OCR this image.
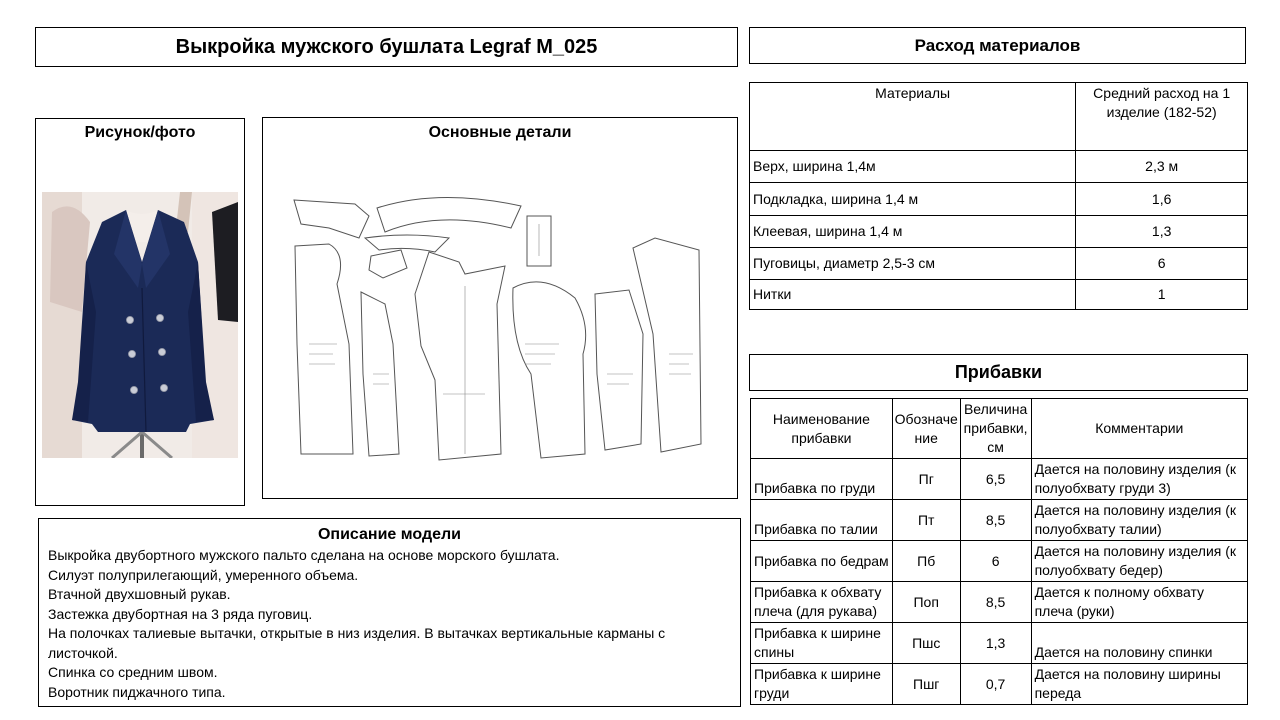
Выкройка мужского бушлата Legraf M_025	Расход материалов
Рисунок/фото	Основные детали
Материалы	Средний расход на 1 изделие (182-52)
Верх, ширина 1,4м	2,3 м
Подкладка, ширина 1,4 м	1,6
Клеевая, ширина 1,4 м	1,3
Пуговицы, диаметр 2,5-3 см	6
Нитки	1
Прибавки
Наименование прибавки	Обозначение	Величина прибавки, см	Комментарии
Прибавка по груди	Пг	6,5	Дается на половину изделия (к полуобхвату груди 3)
Прибавка по талии	Пт	8,5	Дается на половину изделия (к полуобхвату талии)
Прибавка по бедрам	Пб	6	Дается на половину изделия (к полуобхвату бедер)
Прибавка к обхвату плеча (для рукава)	Поп	8,5	Дается к полному обхвату плеча (руки)
Прибавка к ширине спины	Пшс	1,3	Дается на половину спинки
Прибавка к ширине груди	Пшг	0,7	Дается на половину ширины переда
Описание модели
Выкройка двубортного мужского пальто сделана на основе морского бушлата.
Силуэт полуприлегающий, умеренного объема.
Втачной двухшовный рукав.
Застежка двубортная на 3 ряда пуговиц.
На полочках талиевые вытачки, открытые в низ изделия. В вытачках вертикальные карманы с
листочкой.
Спинка со средним швом.
Воротник пиджачного типа.
